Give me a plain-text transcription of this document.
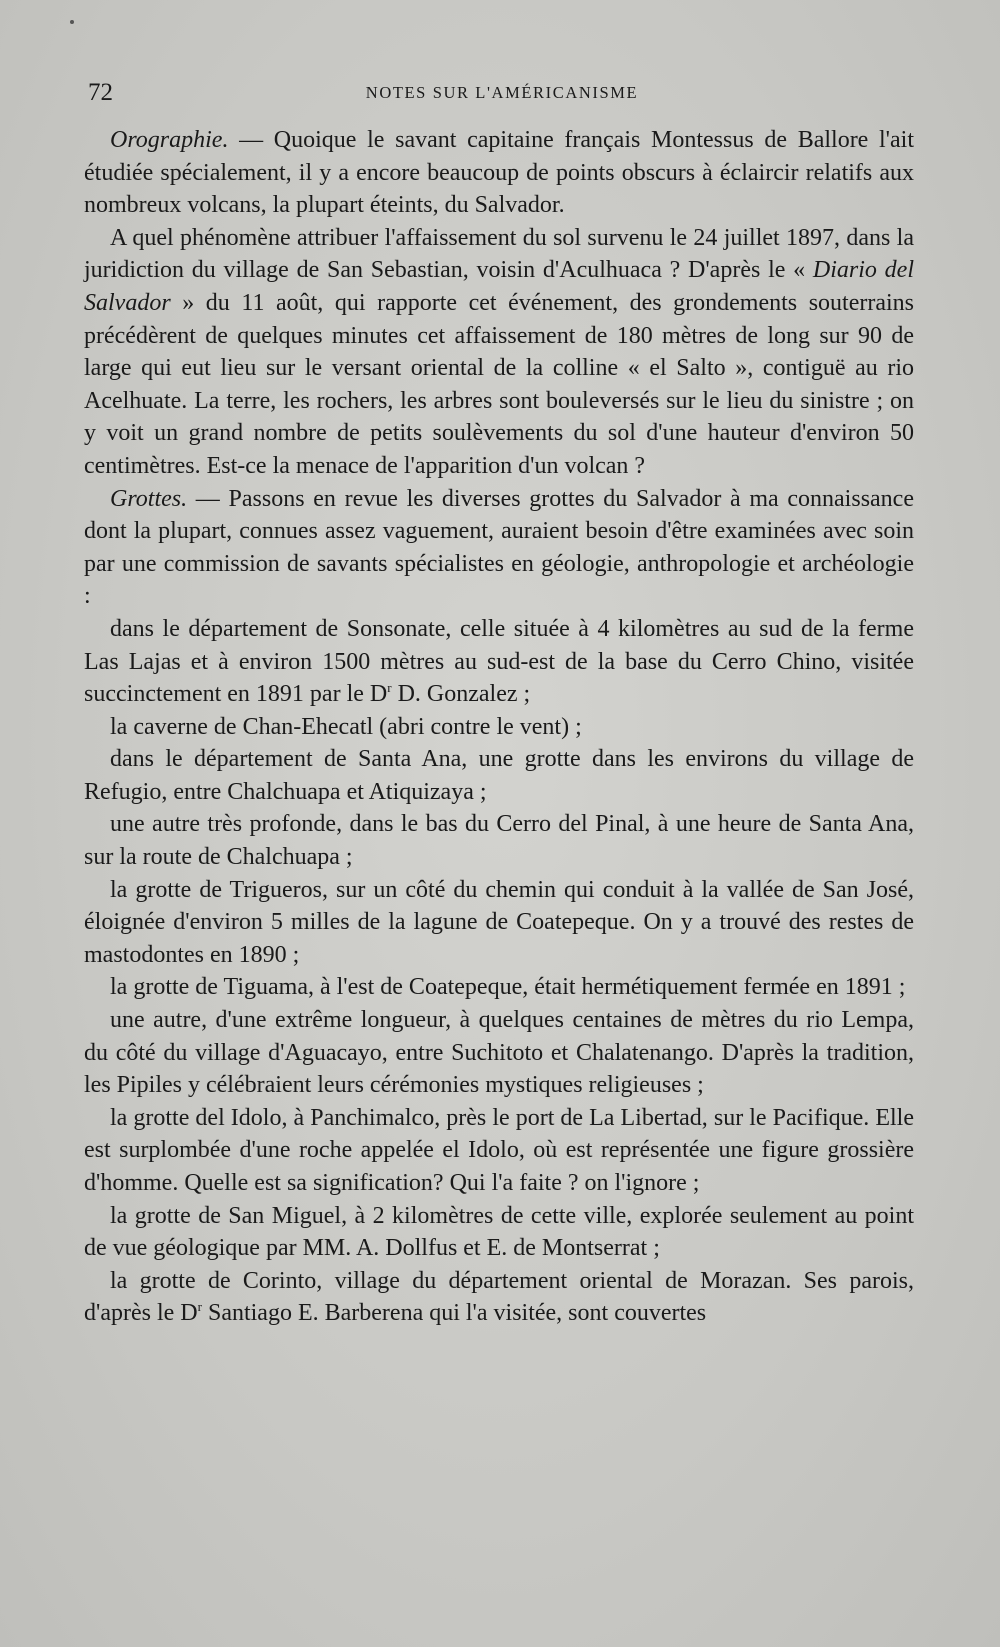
72	NOTES SUR L'AMÉRICANISME

Orographie. — Quoique le savant capitaine français Montessus de Ballore l'ait étudiée spécialement, il y a encore beaucoup de points obscurs à éclaircir relatifs aux nombreux volcans, la plupart éteints, du Salvador.

A quel phénomène attribuer l'affaissement du sol survenu le 24 juillet 1897, dans la juridiction du village de San Sebastian, voisin d'Aculhuaca ? D'après le « Diario del Salvador » du 11 août, qui rapporte cet événement, des grondements souterrains précédèrent de quelques minutes cet affaissement de 180 mètres de long sur 90 de large qui eut lieu sur le versant oriental de la colline « el Salto », contiguë au rio Acelhuate. La terre, les rochers, les arbres sont bouleversés sur le lieu du sinistre ; on y voit un grand nombre de petits soulèvements du sol d'une hauteur d'environ 50 centimètres. Est-ce la menace de l'apparition d'un volcan ?

Grottes. — Passons en revue les diverses grottes du Salvador à ma connaissance dont la plupart, connues assez vaguement, auraient besoin d'être examinées avec soin par une commission de savants spécialistes en géologie, anthropologie et archéologie :

dans le département de Sonsonate, celle située à 4 kilomètres au sud de la ferme Las Lajas et à environ 1500 mètres au sud-est de la base du Cerro Chino, visitée succinctement en 1891 par le $D^r$ D. Gonzalez ;

la caverne de Chan-Ehecatl (abri contre le vent) ;

dans le département de Santa Ana, une grotte dans les environs du village de Refugio, entre Chalchuapa et Atiquizaya ;

une autre très profonde, dans le bas du Cerro del Pinal, à une heure de Santa Ana, sur la route de Chalchuapa ;

la grotte de Trigueros, sur un côté du chemin qui conduit à la vallée de San José, éloignée d'environ 5 milles de la lagune de Coatepeque. On y a trouvé des restes de mastodontes en 1890 ;

la grotte de Tiguama, à l'est de Coatepeque, était hermétiquement fermée en 1891 ;

une autre, d'une extrême longueur, à quelques centaines de mètres du rio Lempa, du côté du village d'Aguacayo, entre Suchitoto et Chalatenango. D'après la tradition, les Pipiles y célébraient leurs cérémonies mystiques religieuses ;

la grotte del Idolo, à Panchimalco, près le port de La Libertad, sur le Pacifique. Elle est surplombée d'une roche appelée el Idolo, où est représentée une figure grossière d'homme. Quelle est sa signification? Qui l'a faite ? on l'ignore ;

la grotte de San Miguel, à 2 kilomètres de cette ville, explorée seulement au point de vue géologique par MM. A. Dollfus et E. de Montserrat ;

la grotte de Corinto, village du département oriental de Morazan. Ses parois, d'après le $D^r$ Santiago E. Barberena qui l'a visitée, sont couvertes
